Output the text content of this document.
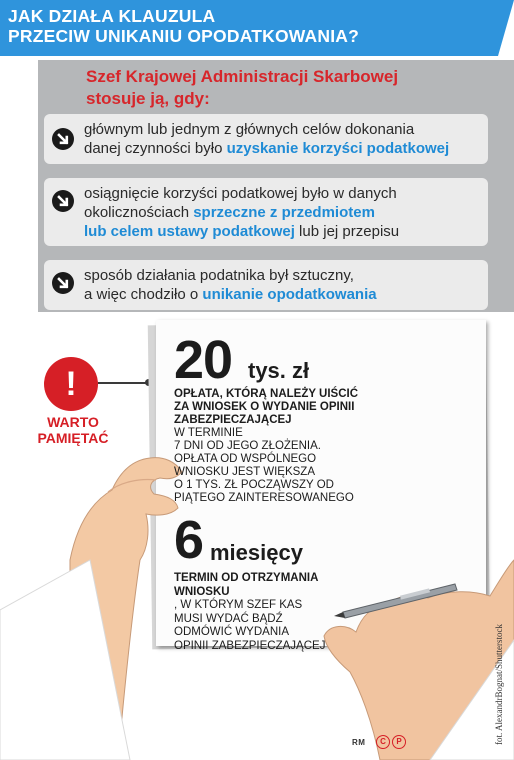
JAK DZIAŁA KLAUZULA
PRZECIW UNIKANIU OPODATKOWANIA?
Szef Krajowej Administracji Skarbowej
stosuje ją, gdy:
głównym lub jednym z głównych celów dokonania
danej czynności było uzyskanie korzyści podatkowej
osiągnięcie korzyści podatkowej było w danych
okolicznościach sprzeczne z przedmiotem
lub celem ustawy podatkowej lub jej przepisu
sposób działania podatnika był sztuczny,
a więc chodziło o unikanie opodatkowania
!
WARTO
PAMIĘTAĆ
20 tys. zł
OPŁATA, KTÓRĄ NALEŻY UIŚCIĆ
ZA WNIOSEK O WYDANIE OPINII
ZABEZPIECZAJĄCEJ
W TERMINIE
7 DNI OD JEGO ZŁOŻENIA.
OPŁATA OD WSPÓLNEGO
WNIOSKU JEST WIĘKSZA
O 1 TYS. ZŁ POCZĄWSZY OD
PIĄTEGO ZAINTERESOWANEGO
6 miesięcy
TERMIN OD OTRZYMANIA
WNIOSKU
, W KTÓRYM SZEF KAS
MUSI WYDAĆ BĄDŹ
ODMÓWIĆ WYDANIA
OPINII ZABEZPIECZAJĄCEJ	fot. AlexandrBognat/Shutterstock
RM	C	P
